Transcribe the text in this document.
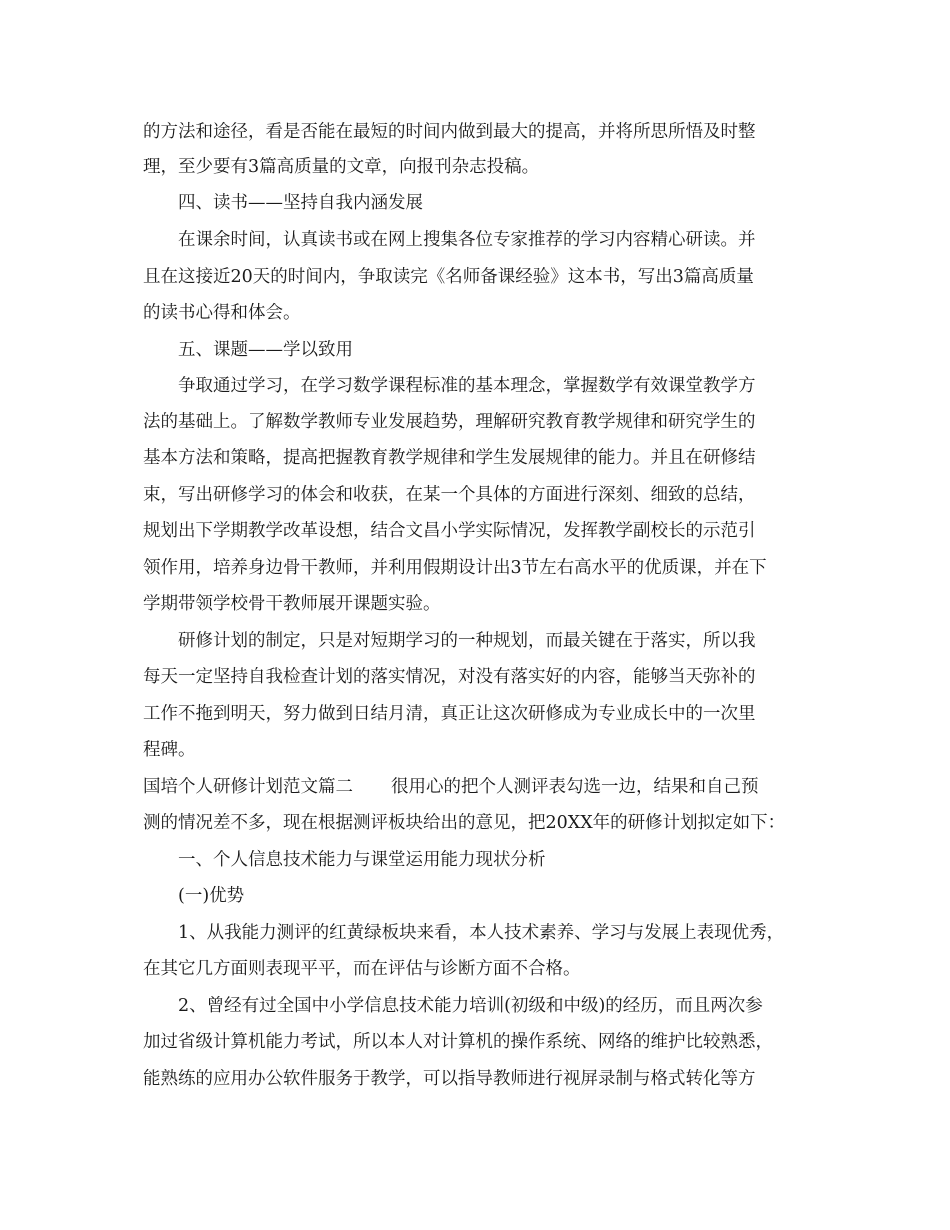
的方法和途径，看是否能在最短的时间内做到最大的提高，并将所思所悟及时整
理，至少要有3篇高质量的文章，向报刊杂志投稿。
四、读书——坚持自我内涵发展
在课余时间，认真读书或在网上搜集各位专家推荐的学习内容精心研读。并
且在这接近20天的时间内，争取读完《名师备课经验》这本书，写出3篇高质量
的读书心得和体会。
五、课题——学以致用
争取通过学习，在学习数学课程标准的基本理念，掌握数学有效课堂教学方
法的基础上。了解数学教师专业发展趋势，理解研究教育教学规律和研究学生的
基本方法和策略，提高把握教育教学规律和学生发展规律的能力。并且在研修结
束，写出研修学习的体会和收获，在某一个具体的方面进行深刻、细致的总结，
规划出下学期教学改革设想，结合文昌小学实际情况，发挥教学副校长的示范引
领作用，培养身边骨干教师，并利用假期设计出3节左右高水平的优质课，并在下
学期带领学校骨干教师展开课题实验。
研修计划的制定，只是对短期学习的一种规划，而最关键在于落实，所以我
每天一定坚持自我检查计划的落实情况，对没有落实好的内容，能够当天弥补的
工作不拖到明天，努力做到日结月清，真正让这次研修成为专业成长中的一次里
程碑。
国培个人研修计划范文篇二 很用心的把个人测评表勾选一边，结果和自己预
测的情况差不多，现在根据测评板块给出的意见，把20XX年的研修计划拟定如下：
一、个人信息技术能力与课堂运用能力现状分析
(一)优势
1、从我能力测评的红黄绿板块来看，本人技术素养、学习与发展上表现优秀，
在其它几方面则表现平平，而在评估与诊断方面不合格。
2、曾经有过全国中小学信息技术能力培训(初级和中级)的经历，而且两次参
加过省级计算机能力考试，所以本人对计算机的操作系统、网络的维护比较熟悉，
能熟练的应用办公软件服务于教学，可以指导教师进行视屏录制与格式转化等方
